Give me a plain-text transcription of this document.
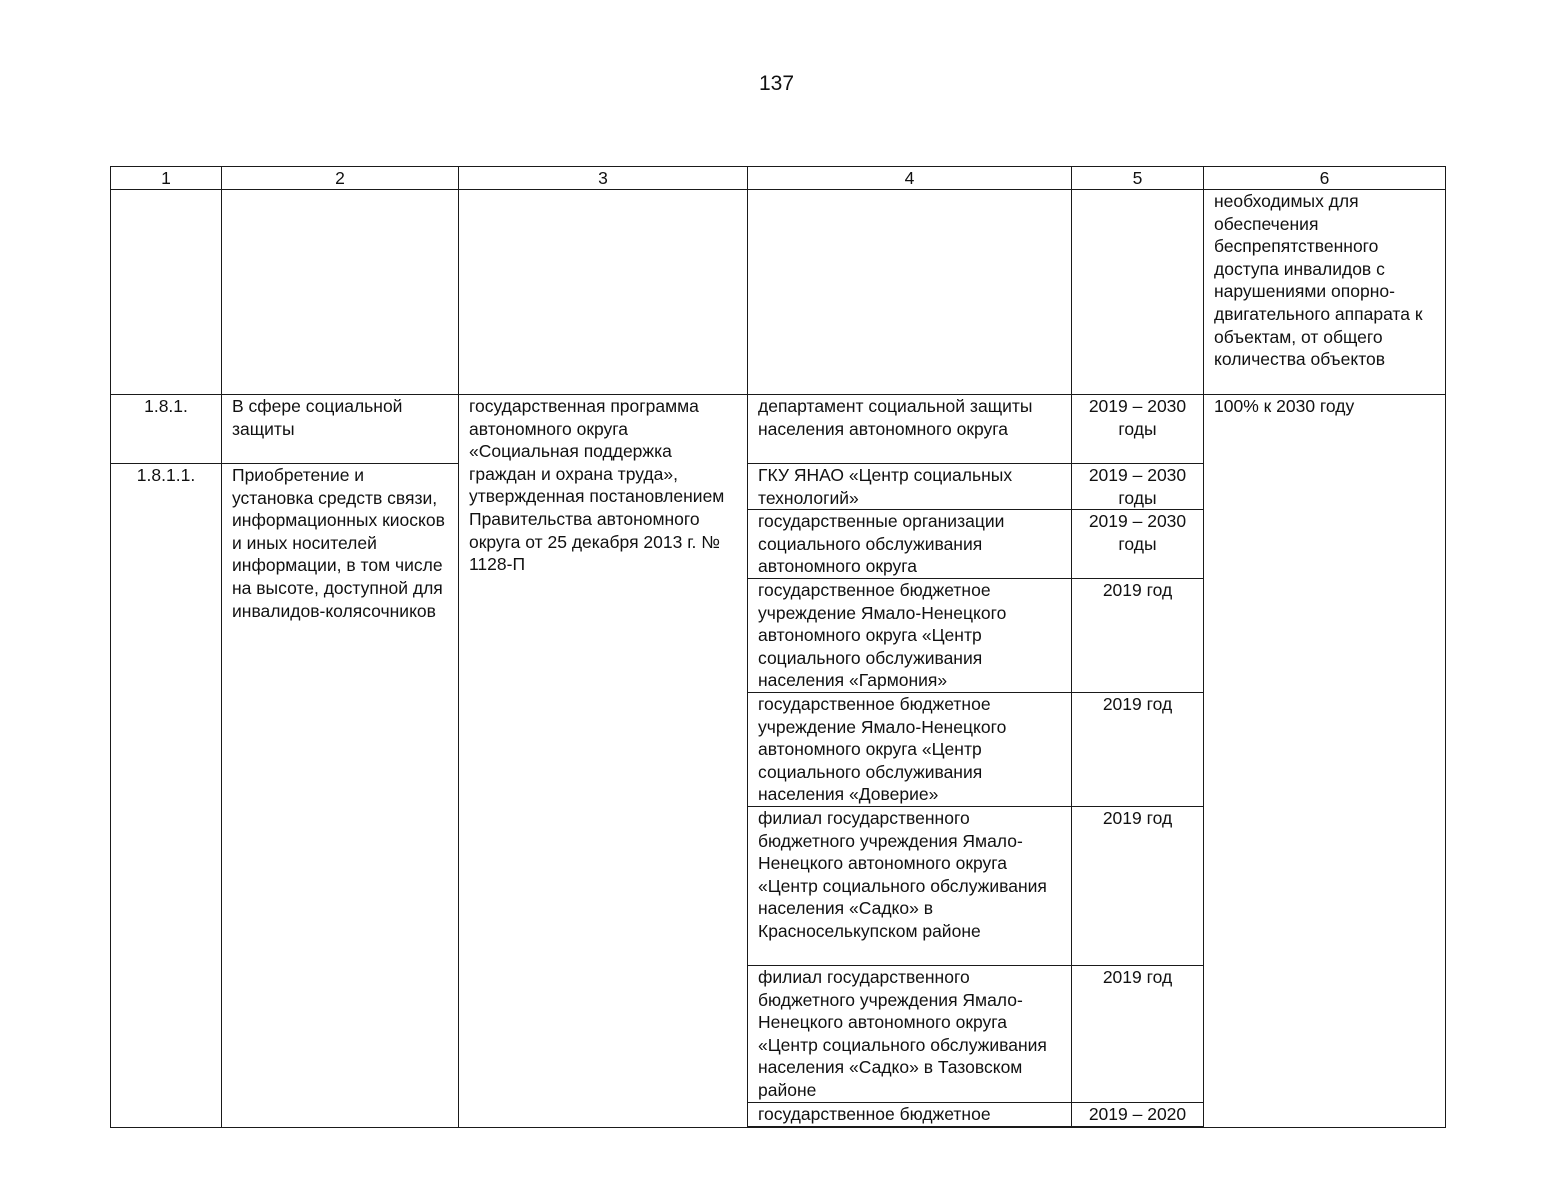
137
1	2	3	4	5	6
					необходимых для обеспечения беспрепятственного доступа инвалидов с нарушениями опорно-двигательного аппарата к объектам, от общего количества объектов
1.8.1.	В сфере социальной защиты	государственная программа автономного округа «Социальная поддержка граждан и охрана труда», утвержденная постановлением Правительства автономного округа от 25 декабря 2013 г. № 1128-П	департамент социальной защиты населения автономного округа	2019 – 2030 годы	100% к 2030 году
1.8.1.1.	Приобретение и установка средств связи, информационных киосков и иных носителей информации, в том числе на высоте, доступной для инвалидов-колясочников		ГКУ ЯНАО «Центр социальных технологий»	2019 – 2030 годы	
			государственные организации социального обслуживания автономного округа	2019 – 2030 годы	
			государственное бюджетное учреждение Ямало-Ненецкого автономного округа «Центр социального обслуживания населения «Гармония»	2019 год	
			государственное бюджетное учреждение Ямало-Ненецкого автономного округа «Центр социального обслуживания населения «Доверие»	2019 год	
			филиал государственного бюджетного учреждения Ямало-Ненецкого автономного округа «Центр социального обслуживания населения «Садко» в Красноселькупском районе	2019 год	
			филиал государственного бюджетного учреждения Ямало-Ненецкого автономного округа «Центр социального обслуживания населения «Садко» в Тазовском районе	2019 год	
			государственное бюджетное	2019 – 2020	
